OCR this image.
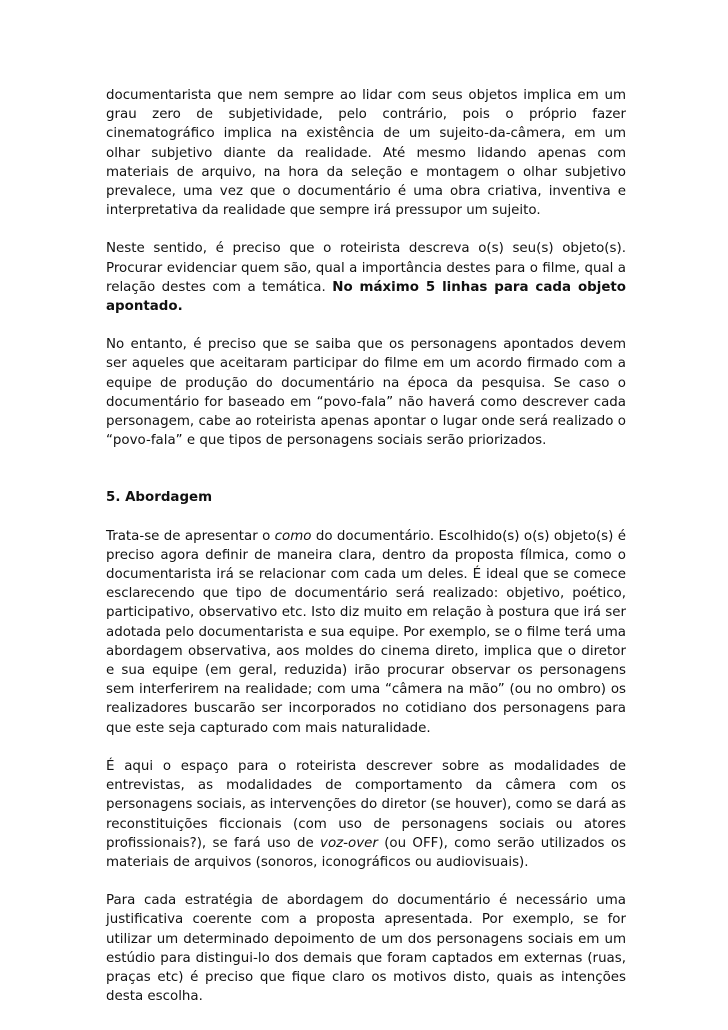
documentarista que nem sempre ao lidar com seus objetos implica em um grau zero de subjetividade, pelo contrário, pois o próprio fazer cinematográfico implica na existência de um sujeito-da-câmera, em um olhar subjetivo diante da realidade. Até mesmo lidando apenas com materiais de arquivo, na hora da seleção e montagem o olhar subjetivo prevalece, uma vez que o documentário é uma obra criativa, inventiva e interpretativa da realidade que sempre irá pressupor um sujeito.

Neste sentido, é preciso que o roteirista descreva o(s) seu(s) objeto(s). Procurar evidenciar quem são, qual a importância destes para o filme, qual a relação destes com a temática. No máximo 5 linhas para cada objeto apontado.

No entanto, é preciso que se saiba que os personagens apontados devem ser aqueles que aceitaram participar do filme em um acordo firmado com a equipe de produção do documentário na época da pesquisa. Se caso o documentário for baseado em “povo-fala” não haverá como descrever cada personagem, cabe ao roteirista apenas apontar o lugar onde será realizado o “povo-fala” e que tipos de personagens sociais serão priorizados.

5. Abordagem

Trata-se de apresentar o como do documentário. Escolhido(s) o(s) objeto(s) é preciso agora definir de maneira clara, dentro da proposta fílmica, como o documentarista irá se relacionar com cada um deles. É ideal que se comece esclarecendo que tipo de documentário será realizado: objetivo, poético, participativo, observativo etc. Isto diz muito em relação à postura que irá ser adotada pelo documentarista e sua equipe. Por exemplo, se o filme terá uma abordagem observativa, aos moldes do cinema direto, implica que o diretor e sua equipe (em geral, reduzida) irão procurar observar os personagens sem interferirem na realidade; com uma “câmera na mão” (ou no ombro) os realizadores buscarão ser incorporados no cotidiano dos personagens para que este seja capturado com mais naturalidade.

É aqui o espaço para o roteirista descrever sobre as modalidades de entrevistas, as modalidades de comportamento da câmera com os personagens sociais, as intervenções do diretor (se houver), como se dará as reconstituições ficcionais (com uso de personagens sociais ou atores profissionais?), se fará uso de voz-over (ou OFF), como serão utilizados os materiais de arquivos (sonoros, iconográficos ou audiovisuais).

Para cada estratégia de abordagem do documentário é necessário uma justificativa coerente com a proposta apresentada. Por exemplo, se for utilizar um determinado depoimento de um dos personagens sociais em um estúdio para distingui-lo dos demais que foram captados em externas (ruas, praças etc) é preciso que fique claro os motivos disto, quais as intenções desta escolha.
